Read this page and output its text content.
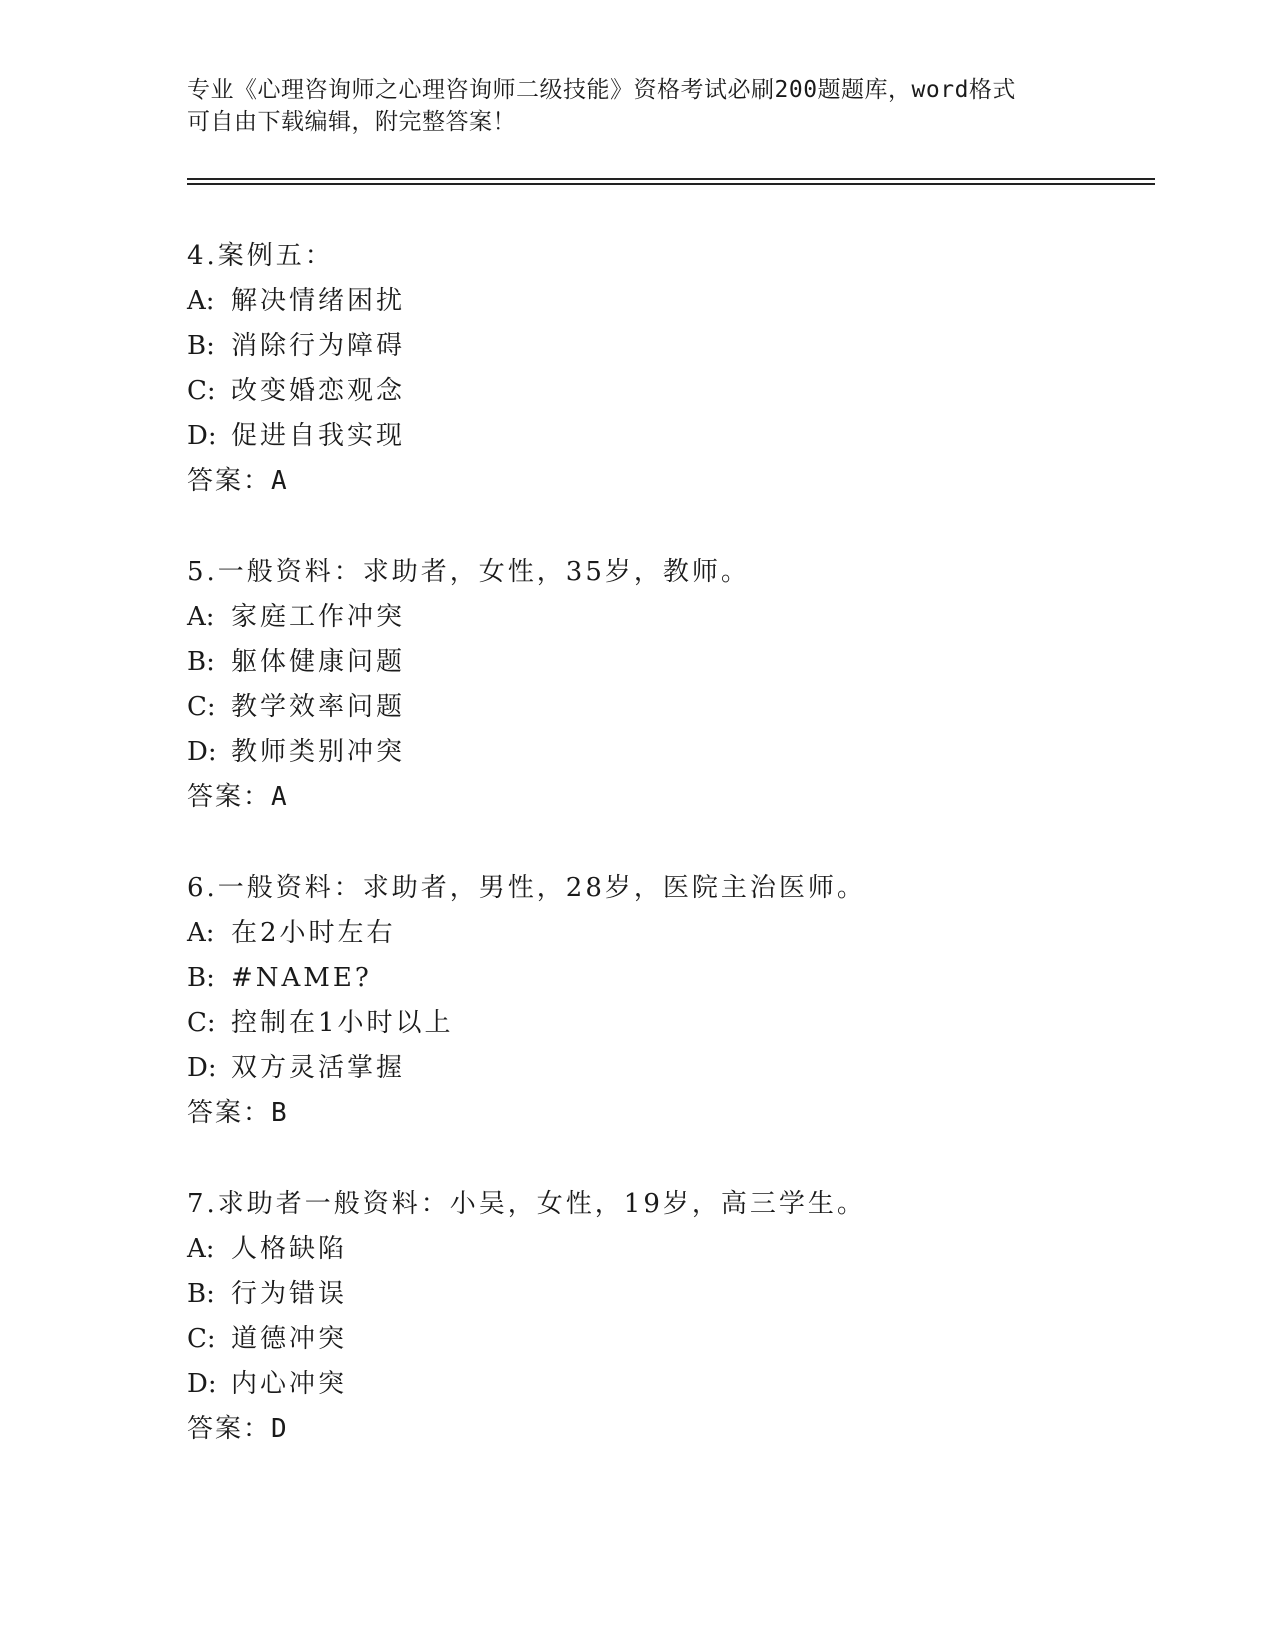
专业《心理咨询师之心理咨询师二级技能》资格考试必刷200题题库，word格式
可自由下载编辑，附完整答案！
4.案例五：
A: 解决情绪困扰
B: 消除行为障碍
C: 改变婚恋观念
D: 促进自我实现
答案：A
5.一般资料：求助者，女性，35岁，教师。
A: 家庭工作冲突
B: 躯体健康问题
C: 教学效率问题
D: 教师类别冲突
答案：A
6.一般资料：求助者，男性，28岁，医院主治医师。
A: 在2小时左右
B: #NAME?
C: 控制在1小时以上
D: 双方灵活掌握
答案：B
7.求助者一般资料：小吴，女性，19岁，高三学生。
A: 人格缺陷
B: 行为错误
C: 道德冲突
D: 内心冲突
答案：D
